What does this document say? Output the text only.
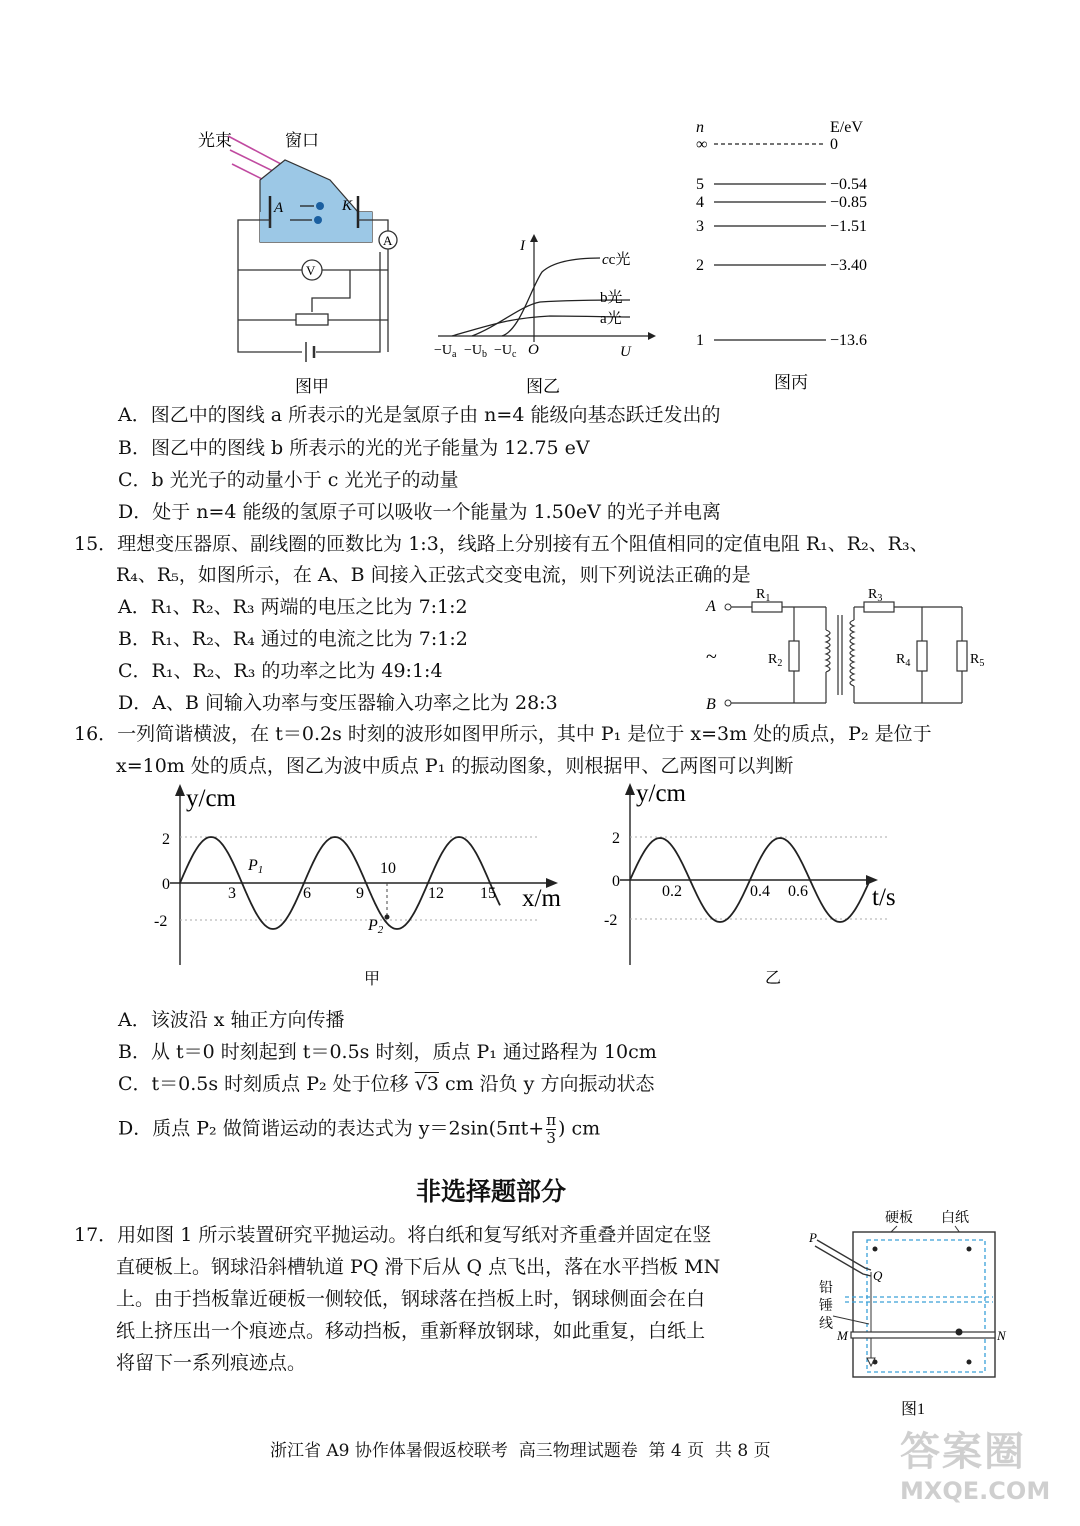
光束	窗口
A	K
A
V
图甲
I
U
O
cc光
b光
a光
$-U_a -U_b -U_c$
图乙
n	E/eV
∞	0
5	−0.54
4	−0.85
3	−1.51
2	−3.40
1	−13.6
图丙
A．图乙中的图线 a 所表示的光是氢原子由 n=4 能级向基态跃迁发出的
B．图乙中的图线 b 所表示的光的光子能量为 12.75 eV
C．b 光光子的动量小于 c 光光子的动量
D．处于 n=4 能级的氢原子可以吸收一个能量为 1.50eV 的光子并电离
15．理想变压器原、副线圈的匝数比为 1:3，线路上分别接有五个阻值相同的定值电阻 R₁、R₂、R₃、
R₄、R₅，如图所示，在 A、B 间接入正弦式交变电流，则下列说法正确的是
A．R₁、R₂、R₃ 两端的电压之比为 7:1:2
B．R₁、R₂、R₄ 通过的电流之比为 7:1:2
C．R₁、R₂、R₃ 的功率之比为 49:1:4
D．A、B 间输入功率与变压器输入功率之比为 28:3
A
B
~
$R_1$
$R_2$
$R_3$
$R_4$	$R_5$
16．一列简谐横波，在 t＝0.2s 时刻的波形如图甲所示，其中 P₁ 是位于 x=3m 处的质点，P₂ 是位于
x=10m 处的质点，图乙为波中质点 P₁ 的振动图象，则根据甲、乙两图可以判断
y/cm
x/m
2
0
-2
3	6	9
10
12 15
P1
P2
甲
y/cm
t/s
2
0
-2
0.2	0.4 0.6
乙
A．该波沿 x 轴正方向传播
B．从 t＝0 时刻起到 t＝0.5s 时刻，质点 P₁ 通过路程为 10cm
C．t＝0.5s 时刻质点 P₂ 处于位移 √3 cm 沿负 y 方向振动状态
D．质点 P₂ 做简谐运动的表达式为 $y=2\sin(5\pi t+ \frac{\pi}{3}$ ) cm
非选择题部分
17．用如图 1 所示装置研究平抛运动。将白纸和复写纸对齐重叠并固定在竖
直硬板上。钢球沿斜槽轨道 PQ 滑下后从 Q 点飞出，落在水平挡板 MN
上。由于挡板靠近硬板一侧较低，钢球落在挡板上时，钢球侧面会在白
纸上挤压出一个痕迹点。移动挡板，重新释放钢球，如此重复，白纸上
将留下一系列痕迹点。
硬板 白纸
P
Q
铅
锤
线
M	N
图1
浙江省 A9 协作体暑假返校联考  高三物理试题卷  第 4 页  共 8 页	答案圈
MXQE.COM
